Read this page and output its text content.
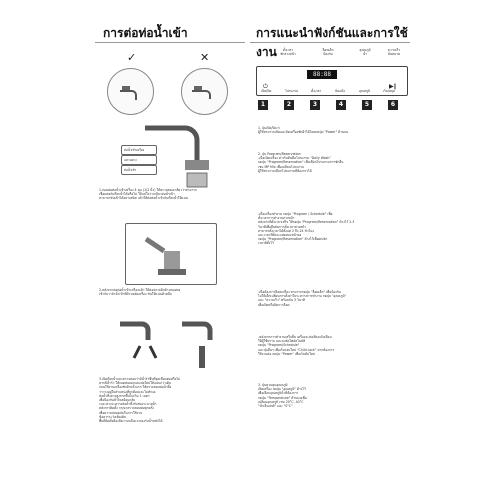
การต่อท่อน้ำเข้า
✓	✕
ท่อน้ำเข้าเครื่อง
แหวนยาง
ท่อน้ำเข้า
1.ก่อนต่อท่อน้ำเข้าเครื่อง 4 หุน (1/2 นิ้ว) ให้ตรวจสอบเกลียวว่าสามารถ
เชื่อมต่อกับก๊อกน้ำได้หรือไม่ ให้แน่ใจว่าเกลียวท่อน้ำเข้า
สามารถขันเข้าได้อย่างสนิท แล้วให้ต่อท่อน้ำเข้ากับก๊อกน้ำให้แน่น
2.หลังจากต่อท่อน้ำเข้าเครื่องแล้ว ให้ต่อปลายอีกด้านของท่อ
เข้ากับวาล์วน้ำเข้าที่ด้านหลังเครื่อง ขันให้แน่นด้วยมือ
3.เปิดก๊อกน้ำและตรวจสอบว่ามีน้ำรั่วซึมที่จุดเชื่อมต่อหรือไม่
หากมีน้ำรั่ว ให้ถอดท่อออกและต่อใหม่ให้แน่นกว่าเดิม
ก่อนใช้งานเครื่องซักผ้าครั้งแรก ให้ตรวจสอบท่อน้ำทิ้ง
ว่าวางอยู่ในตำแหน่งที่ถูกต้องและไม่หักงอ
ท่อน้ำทิ้งควรสูงจากพื้นไม่เกิน 1 เมตร
เพื่อป้องกันน้ำไหลย้อนกลับ
ระยะห่างระหว่างท่อน้ำทิ้งกับช่องระบายน้ำ
หลังการติดตั้ง กรุณาตรวจสอบท่อทุกครั้ง
เพื่อความปลอดภัยในการใช้งาน
ข้อควรระวังเพิ่มเติม
พื้นที่ติดตั้งต้องมีความแข็งแรงรองรับน้ำหนักได้
การแนะนำฟังก์ชันและการใช้งาน	ตั้งเวลา
ซักล่วงหน้า
ล็อคเด็ก
ป้องกัน
อุณหภูมิ
น้ำ
ความเร็ว
ปั่นหมาด
88:88
⏻
เปิด/ปิด	โปรแกรม	ตั้งเวลา	ปั่นแห้ง	อุณหภูมิ
▶∥
เริ่ม/หยุด
1	2	3	4	5	6
1. ปุ่มเปิด/ปิด ⏻
ผู้ใช้สามารถเปิดและปิดเครื่องซักผ้าได้โดยกดปุ่ม "Power" ด้านบน
2. ปุ่ม Program/Reservation
-เมื่อเปิดเครื่อง ค่าเริ่มต้นคือโปรแกรม "Daily Wash"
กดปุ่ม "Program/Reservation" เพื่อเลือกโปรแกรมการซักอื่น
เช่น MP Mix เพื่อเปลี่ยนโปรแกรม
ผู้ใช้สามารถเลือกโปรแกรมที่ต้องการได้
-เมื่อเครื่องทำงาน กดปุ่ม "Program / Schedule" เพื่อ
ตั้งเวลาการทำงานล่วงหน้า
หลังจากที่ตั้งเวลาเสร็จ ให้กดปุ่ม "Program/Reservation" ค้างไว้ 2-3
วินาทีเพื่อยืนยันการตั้งเวลาล่วงหน้า
สามารถตั้งเวลาได้ตั้งแต่ 2 ถึง 24 ชั่วโมง
และเวลาที่ตั้งจะแสดงบนหน้าจอ
กดปุ่ม "Program/Reservation" ค้างไว้เพื่อยกเลิก
เวลาที่ตั้งไว้
-เมื่อต้องการล็อคเครื่อง สามารถกดปุ่ม "ล็อคเด็ก" เพื่อป้องกัน
ไม่ให้เด็กเปลี่ยนการตั้งค่าในระหว่างการทำงาน กดปุ่ม "อุณหภูมิ"
และ "ความเร็ว" พร้อมกัน 3 วินาที
เพื่อเปิดหรือปิดการล็อค
-หลังจากการทำงานเสร็จสิ้น เครื่องจะส่งเสียงแจ้งเตือน
ให้ผู้ใช้ทราบ และจะตัดไฟอัตโนมัติ
กดปุ่ม "Program/Schedule"
และปุ่มอื่นๆ เพื่อเริ่มรอบใหม่ "Child Lock" หากต้องการ
ใช้งานต่อ กดปุ่ม "Power" เพื่อเริ่มต้นใหม่
3. ปุ่มควบคุมอุณหภูมิ
เปิดเครื่อง กดปุ่ม "อุณหภูมิ" ค้างไว้
เพื่อเลือกอุณหภูมิน้ำที่ต้องการ
กดปุ่ม "Temperature" ด้านบนเพื่อ
เปลี่ยนอุณหภูมิ เช่น 20°C, 40°C
"น้ำเย็นปกติ" และ "0°C"
